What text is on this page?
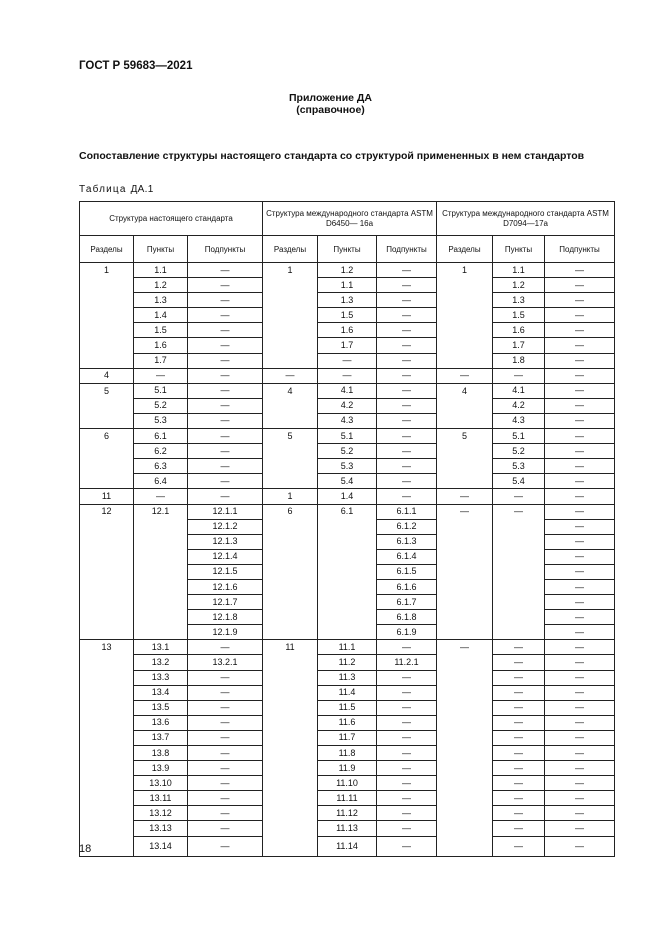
ГОСТ Р 59683—2021
Приложение ДА
(справочное)
Сопоставление структуры настоящего стандарта со структурой примененных в нем стандартов
Таблица ДА.1
Структура настоящего стандарта			Структура международного стандарта ASTM D6450— 16a			Структура международного стандарта ASTM D7094—17a		
Разделы	Пункты	Подпункты	Разделы	Пункты	Подпункты	Разделы	Пункты	Подпункты
1	1.1	—	1	1.2	—	1	1.1	—
	1.2	—		1.1	—		1.2	—
	1.3	—		1.3	—		1.3	—
	1.4	—		1.5	—		1.5	—
	1.5	—		1.6	—		1.6	—
	1.6	—		1.7	—		1.7	—
	1.7	—		—	—		1.8	—
4	—	—	—	—	—	—	—	—
5	5.1	—	4	4.1	—	4	4.1	—
	5.2	—		4.2	—		4.2	—
	5.3	—		4.3	—		4.3	—
6	6.1	—	5	5.1	—	5	5.1	—
	6.2	—		5.2	—		5.2	—
	6.3	—		5.3	—		5.3	—
	6.4	—		5.4	—		5.4	—
11	—	—	1	1.4	—	—	—	—
12	12.1	12.1.1	6	6.1	6.1.1	—	—	—
		12.1.2			6.1.2			—
		12.1.3			6.1.3			—
		12.1.4			6.1.4			—
		12.1.5			6.1.5			—
		12.1.6			6.1.6			—
		12.1.7			6.1.7			—
		12.1.8			6.1.8			—
		12.1.9			6.1.9			—
13	13.1	—	11	11.1	—	—	—	—
	13.2	13.2.1		11.2	11.2.1		—	—
	13.3	—		11.3	—		—	—
	13.4	—		11.4	—		—	—
	13.5	—		11.5	—		—	—
	13.6	—		11.6	—		—	—
	13.7	—		11.7	—		—	—
	13.8	—		11.8	—		—	—
	13.9	—		11.9	—		—	—
	13.10	—		11.10	—		—	—
	13.11	—		11.11	—		—	—
	13.12	—		11.12	—		—	—
	13.13	—		11.13	—		—	—
	13.14	—		11.14	—		—	—
18
